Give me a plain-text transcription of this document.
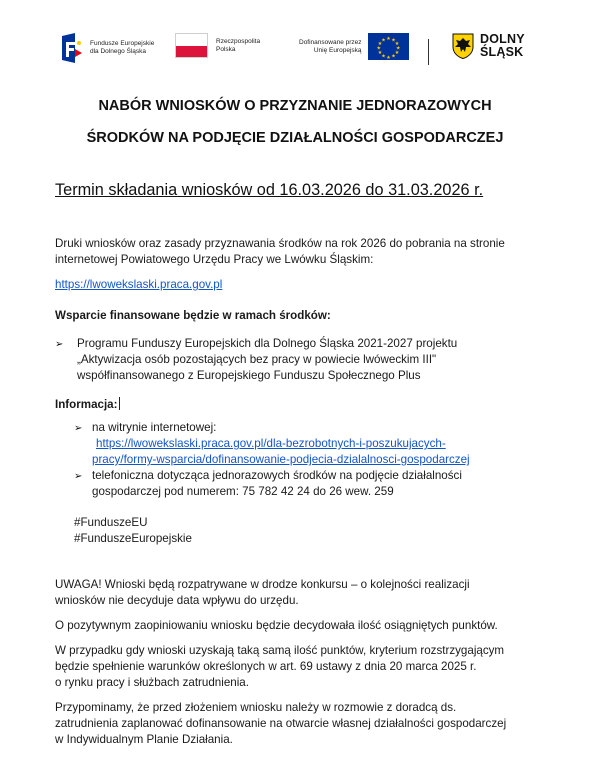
Fundusze Europejskie
dla Dolnego Śląska
Rzeczpospolita
Polska
Dofinansowane przez
Unię Europejską
★ ★
★
★
★
★
★
★
★
★
★
★	DOLNY
ŚLĄSK
NABÓR WNIOSKÓW O PRZYZNANIE JEDNORAZOWYCH
ŚRODKÓW NA PODJĘCIE DZIAŁALNOŚCI GOSPODARCZEJ
Termin składania wniosków od 16.03.2026 do 31.03.2026 r.
Druki wniosków oraz zasady przyznawania środków na rok 2026 do pobrania na stronie
internetowej Powiatowego Urzędu Pracy we Lwówku Śląskim:
https://lwowekslaski.praca.gov.pl
Wsparcie finansowane będzie w ramach środków:
➢ Programu Funduszy Europejskich dla Dolnego Śląska 2021-2027 projektu
„Aktywizacja osób pozostających bez pracy w powiecie lwóweckim III"
współfinansowanego z Europejskiego Funduszu Społecznego Plus
Informacja:
➢ na witrynie internetowej:
https://lwowekslaski.praca.gov.pl/dla-bezrobotnych-i-poszukujacych-
pracy/formy-wsparcia/dofinansowanie-podjecia-dzialalnosci-gospodarczej
➢ telefoniczna dotycząca jednorazowych środków na podjęcie działalności
gospodarczej pod numerem: 75 782 42 24 do 26 wew. 259
#FunduszeEU
#FunduszeEuropejskie
UWAGA! Wnioski będą rozpatrywane w drodze konkursu – o kolejności realizacji
wniosków nie decyduje data wpływu do urzędu.
O pozytywnym zaopiniowaniu wniosku będzie decydowała ilość osiągniętych punktów.
W przypadku gdy wnioski uzyskają taką samą ilość punktów, kryterium rozstrzygającym
będzie spełnienie warunków określonych w art. 69 ustawy z dnia 20 marca 2025 r.
o rynku pracy i służbach zatrudnienia.
Przypominamy, że przed złożeniem wniosku należy w rozmowie z doradcą ds.
zatrudnienia zaplanować dofinansowanie na otwarcie własnej działalności gospodarczej
w Indywidualnym Planie Działania.
